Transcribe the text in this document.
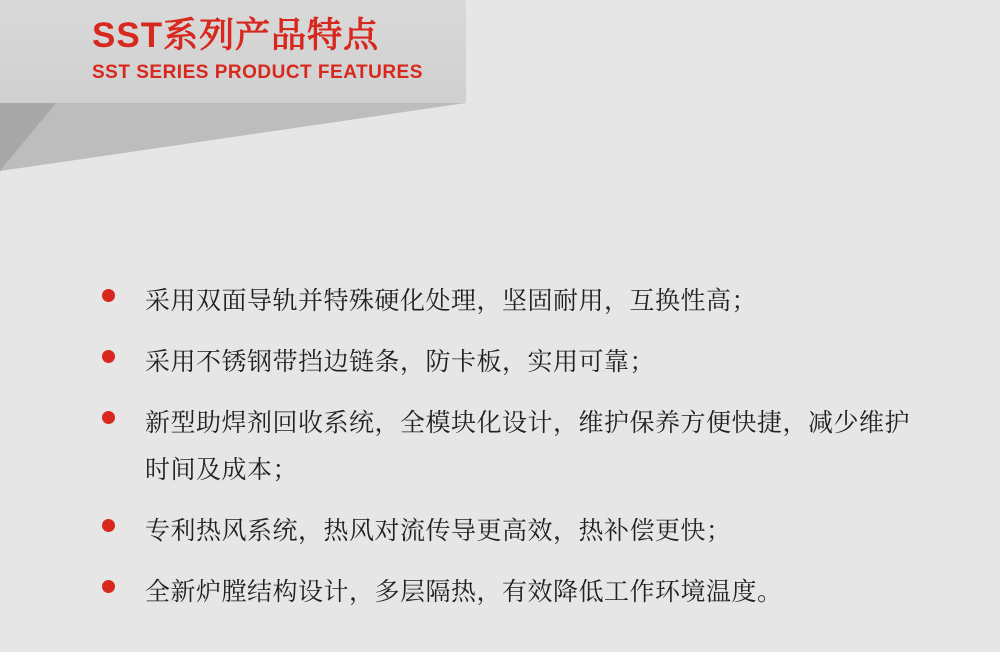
SST系列产品特点
SST SERIES PRODUCT FEATURES
采用双面导轨并特殊硬化处理，坚固耐用，互换性高；
采用不锈钢带挡边链条，防卡板，实用可靠；
新型助焊剂回收系统，全模块化设计，维护保养方便快捷，减少维护时间及成本；
专利热风系统，热风对流传导更高效，热补偿更快；
全新炉膛结构设计，多层隔热，有效降低工作环境温度。
